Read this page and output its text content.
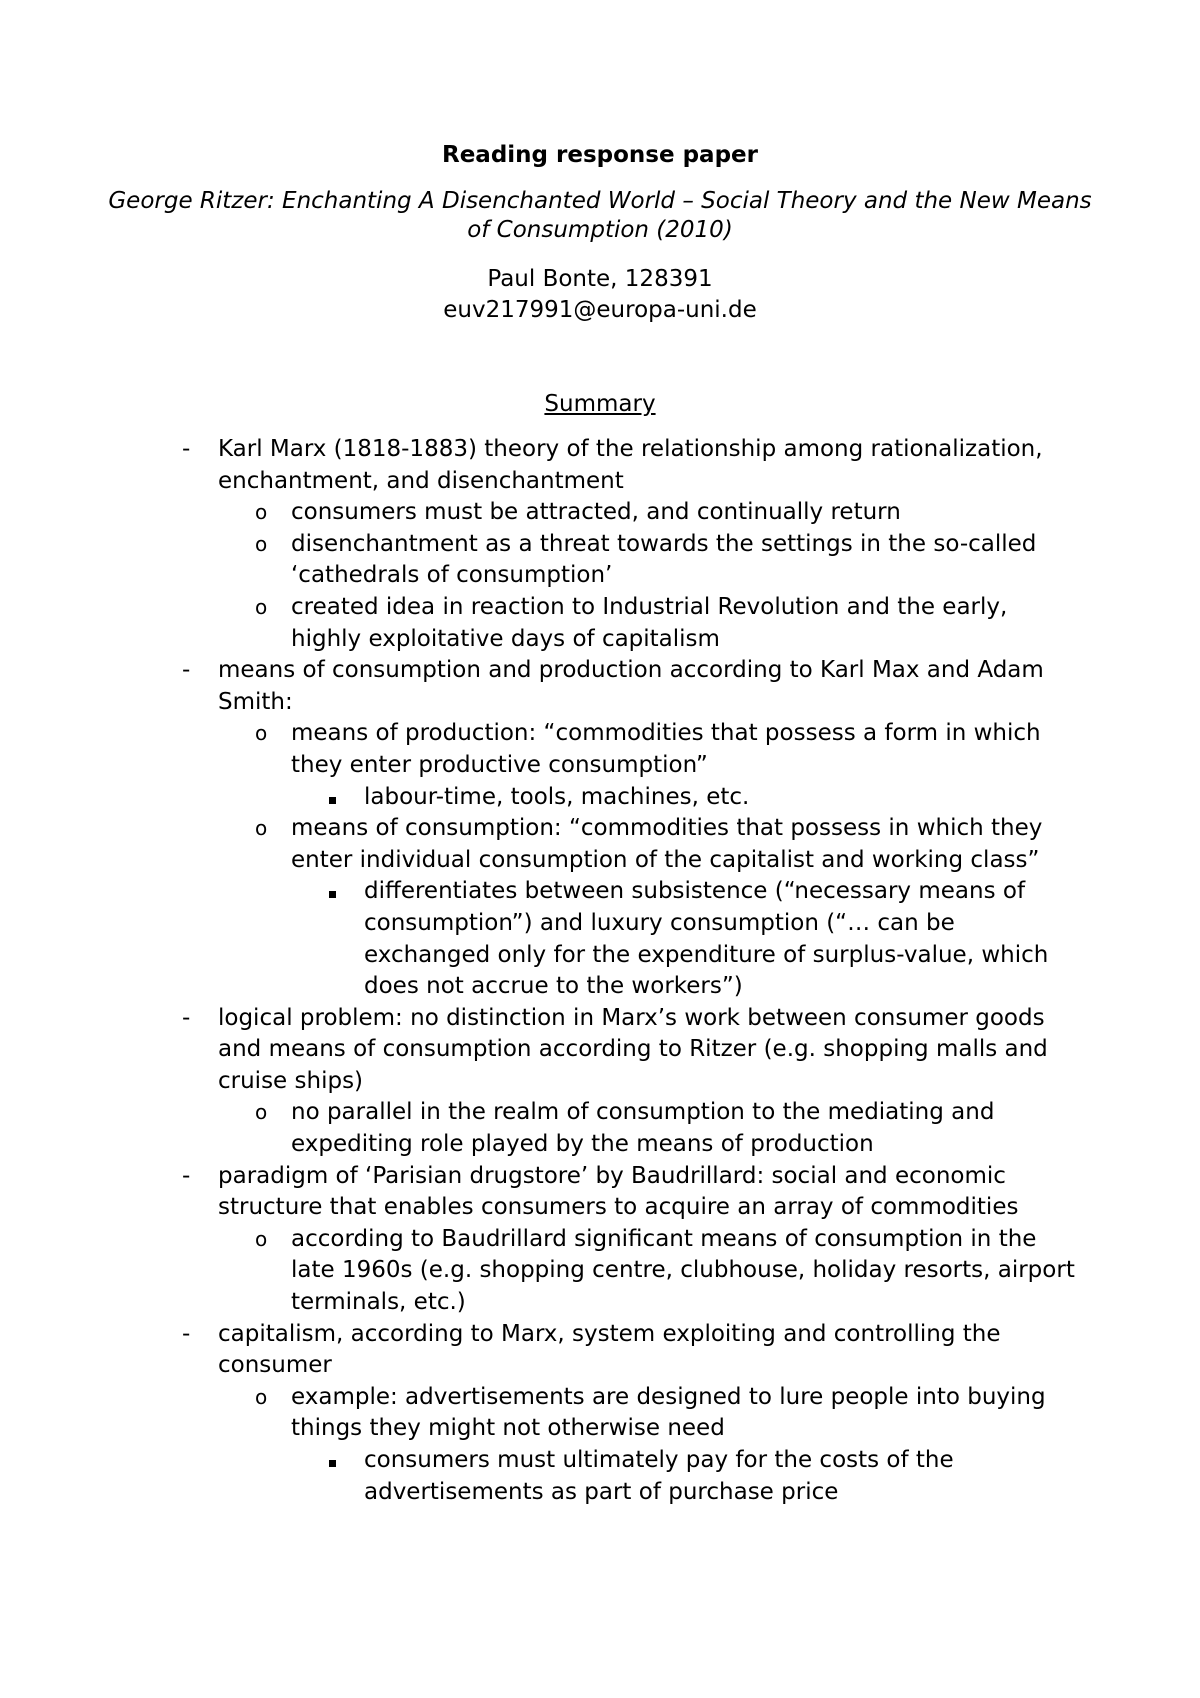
Reading response paper
George Ritzer: Enchanting A Disenchanted World – Social Theory and the New Means of Consumption (2010)
Paul Bonte, 128391
euv217991@europa-uni.de
Summary
- Karl Marx (1818-1883) theory of the relationship among rationalization, enchantment, and disenchantment
o consumers must be attracted, and continually return
o disenchantment as a threat towards the settings in the so-called ‘cathedrals of consumption’
o created idea in reaction to Industrial Revolution and the early, highly exploitative days of capitalism
- means of consumption and production according to Karl Max and Adam Smith:
o means of production: “commodities that possess a form in which they enter productive consumption”
labour-time, tools, machines, etc.
o means of consumption: “commodities that possess in which they enter individual consumption of the capitalist and working class”
differentiates between subsistence (“necessary means of consumption”) and luxury consumption (“… can be exchanged only for the expenditure of surplus-value, which does not accrue to the workers”)
- logical problem: no distinction in Marx’s work between consumer goods and means of consumption according to Ritzer (e.g. shopping malls and cruise ships)
o no parallel in the realm of consumption to the mediating and expediting role played by the means of production
- paradigm of ‘Parisian drugstore’ by Baudrillard: social and economic structure that enables consumers to acquire an array of commodities
o according to Baudrillard significant means of consumption in the late 1960s (e.g. shopping centre, clubhouse, holiday resorts, airport terminals, etc.)
- capitalism, according to Marx, system exploiting and controlling the consumer
o example: advertisements are designed to lure people into buying things they might not otherwise need
consumers must ultimately pay for the costs of the advertisements as part of purchase price
